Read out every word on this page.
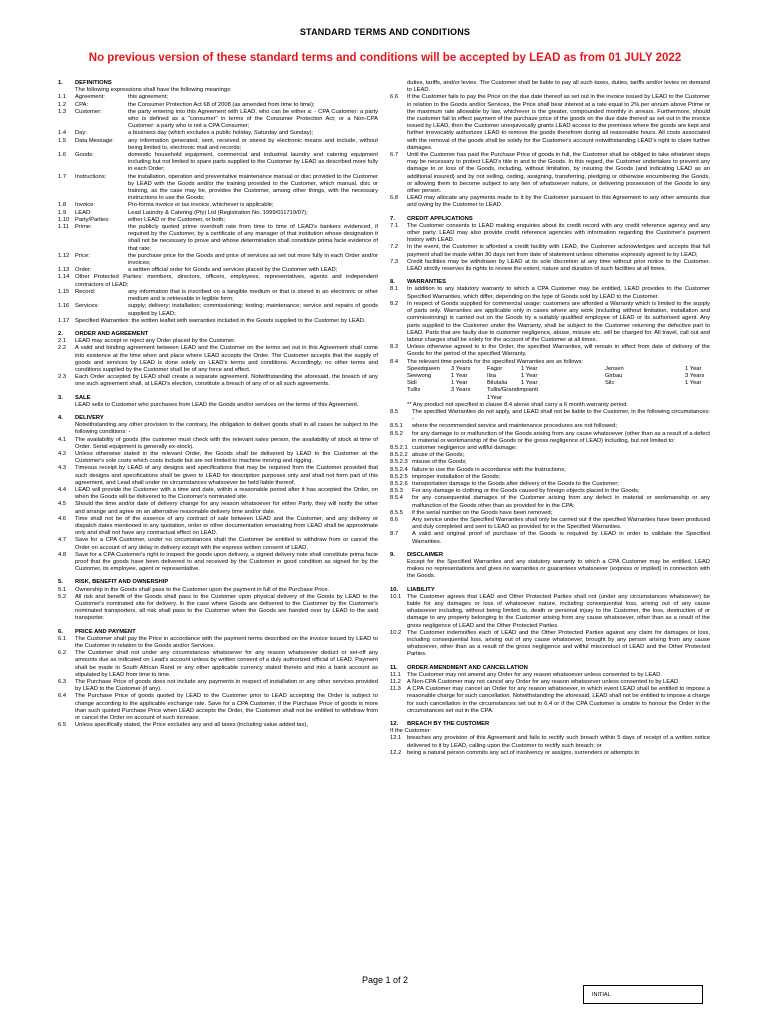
STANDARD TERMS AND CONDITIONS
No previous version of these standard terms and conditions will be accepted by LEAD as from 01 JULY 2022
1.	DEFINITIONS
The following expressions shall have the following meanings:
1.1	Agreement:	this agreement;
1.2	CPA:	the Consumer Protection Act 68 of 2008 (as amended from time to time);
1.3	Customer:	the party entering into this Agreement with LEAD, who can be either a: - CPA Customer: a party who is defined as a "consumer" in terms of the Consumer Protection Act; or a Non-CPA Customer: a party who is not a CPA Consumer;
1.4	Day:	a business day (which excludes a public holiday, Saturday and Sunday);
1.5	Data Message:	any information generated, sent, received or stored by electronic means and include, without being limited to, electronic mail and records;
1.6	Goods:	domestic household equipment, commercial and industrial laundry and catering equipment including but not limited to spare parts supplied to the Customer by LEAD as described more fully in each Order;
1.7	Instructions:	the installation, operation and preventative maintenance manual or disc provided to the Customer by LEAD with the Goods and/or the training provided to the Customer, which manual, disc or training, as the case may be, provides the Customer, among other things, with the necessary instructions to use the Goods;
1.8	Invoice:	Pro-forma invoice or tax invoice, whichever is applicable;
1.9	LEAD:	Lead Laundry & Catering (Pty) Ltd (Registration No. 1999/011719/07);
1.10 Party/Parties:	either LEAD or the Customer, or both;
1.11	Prime:	the publicly quoted prime overdraft rate from time to time of LEAD's bankers evidenced, if required by the Customer, by a certificate of any manager of that institution whose designation it shall not be necessary to prove and whose determination shall constitute prima facie evidence of that rate;
1.12 Price:	the purchase price for the Goods and price of services as set out more fully in each Order and/or invoices;
1.13 Order:	a written official order for Goods and services placed by the Customer with LEAD;
1.14 Other Protected Parties: members, directors, officers, employees, representatives, agents and independent contractors of LEAD;
1.15 Record:	any information that is inscribed on a tangible medium or that is stored in an electronic or other medium and is retrievable in legible form;
1.16 Services:	supply; delivery; installation; commissioning; testing; maintenance; service and repairs of goods supplied by LEAD;
1.17 Specified Warranties: the written leaflet with warranties included in the Goods supplied to the Customer by LEAD.
2.	ORDER AND AGREEMENT
2.1	LEAD may accept or reject any Order placed by the Customer.
2.2	A valid and binding agreement between LEAD and the Customer on the terms set out in this Agreement shall come into existence at the time when and place where LEAD accepts the Order. The Customer accepts that the supply of goods and services by LEAD is done solely on LEAD's terms and conditions. Accordingly, no other terms and conditions supplied by the Customer shall be of any force and effect.
2.3	Each Order accepted by LEAD shall create a separate agreement. Notwithstanding the aforesaid, the breach of any one such agreement shall, at LEAD's election, constitute a breach of any of or all such agreements.
3.	SALE
LEAD sells to Customer who purchases from LEAD the Goods and/or services on the terms of this Agreement.
4.	DELIVERY
Notwithstanding any other provision to the contrary, the obligation to deliver goods shall in all cases be subject to the following conditions: -
4.1	The availability of goods (the customer must check with the relevant sales person, the availability of stock at time of Order. Serial equipment is generally ex-stock).
4.2	Unless otherwise stated in the relevant Order, the Goods shall be delivered by LEAD to the Customer at the Customer's sole costs which costs include but are not limited to machine moving and rigging.
4.3	Timeous receipt by LEAD of any designs and specifications that may be required from the Customer provided that such designs and specifications shall be given to LEAD for description purposes only and shall not form part of this agreement, and Lead shall under no circumstances whatsoever be held liable thereof.
4.4	LEAD will provide the Customer with a time and date, within a reasonable period after it has accepted the Order, on when the Goods will be delivered to the Customer's nominated site.
4.5	Should the time and/or date of delivery change for any reason whatsoever for either Party, they will notify the other and arrange and agree on an alternative reasonable delivery time and/or date.
4.6	Time shall not be of the essence of any contract of sale between LEAD and the Customer, and any delivery or dispatch dates mentioned in any quotation, order or other documentation emanating from LEAD shall be approximate only and shall not have any contractual effect on LEAD.
4.7	Save for a CPA Customer, under no circumstances shall the Customer be entitled to withdraw from or cancel the Order on account of any delay in delivery except with the express written consent of LEAD.
4.8	Save for a CPA Customer's right to inspect the goods upon delivery, a signed delivery note shall constitute prima facie proof that the goods have been delivered to and received by the Customer in good condition as signed for by the Customer, its employee, agent or representative.
5.	RISK, BENEFIT AND OWNERSHIP
5.1	Ownership in the Goods shall pass to the Customer upon the payment in full of the Purchase Price.
5.2	All risk and benefit of the Goods shall pass to the Customer upon physical delivery of the Goods by LEAD to the Customer's nominated site for delivery. In the case where Goods are delivered to the Customer by the Customer's nominated transporters, all risk shall pass to the Customer when the Goods are handed over by LEAD to the said transporter.
6.	PRICE AND PAYMENT
6.1	The Customer shall pay the Price in accordance with the payment terms described on the invoice issued by LEAD to the Customer in relation to the Goods and/or Services.
6.2	The Customer shall not under any circumstances whatsoever for any reason whatsoever deduct or set-off any amounts due as indicated on Lead's account unless by written consent of a duly authorized official of LEAD. Payment shall be made in South African Rand or any other applicable currency stated thereto and into a bank account as stipulated by LEAD from time to time.
6.3	The Purchase Price of goods does not include any payments in respect of installation or any other services provided by LEAD to the Customer (if any).
6.4	The Purchase Price of goods quoted by LEAD to the Customer prior to LEAD accepting the Order is subject to change according to the applicable exchange rate. Save for a CPA Customer, if the Purchase Price of goods is more than such quoted Purchase Price when LEAD accepts the Order, the Customer shall not be entitled to withdraw from or cancel the Order on account of such increase.
6.5	Unless specifically stated, the Price excludes any and all taxes (including value added tax),
duties, tariffs, and/or levies. The Customer shall be liable to pay all such taxes, duties, tariffs and/or levies on demand to LEAD.
6.6	If the Customer fails to pay the Price on the due date thereof as set out in the invoice issued by LEAD to the Customer in relation to the Goods and/or Services, the Price shall bear interest at a rate equal to 2% per annum above Prime or the maximum rate allowable by law, whichever is the greater, compounded monthly in arrears. Furthermore, should the customer fail to effect payment of the purchase price of the goods on the due date thereof as set out in the invoice issued by LEAD, then the Customer unequivocally grants LEAD access to the premises where the goods are kept and further irrevocably authorizes LEAD to remove the goods therefrom during all reasonable hours. All costs associated with the removal of the goods shall be solely for the Customer's account notwithstanding LEAD's right to claim further damages.
6.7	Until the Customer has paid the Purchase Price of goods in full, the Customer shall be obliged to take whatever steps may be necessary to protect LEAD's title in and to the Goods. In this regard, the Customer undertakes to prevent any damage to or loss of the Goods, including, without limitation, by insuring the Goods (and indicating LEAD as an additional insured) and by not selling, ceding, assigning, transferring, pledging or otherwise encumbering the Goods, or allowing them to become subject to any lien of whatsoever nature, or delivering possession of the Goods to any other person.
6.8	LEAD may allocate any payments made to it by the Customer pursuant to this Agreement to any other amounts due and owing by the Customer to LEAD.
7.	CREDIT APPLICATIONS
7.1	The Customer consents to LEAD making enquiries about its credit record with any credit reference agency and any other party. LEAD may also provide credit reference agencies with information regarding the Customer's payment history with LEAD.
7.2	In the event, the Customer is afforded a credit facility with LEAD, the Customer acknowledges and accepts that full payment shall be made within 30 days net from date of statement unless otherwise expressly agreed to by LEAD;
7.3	Credit facilities may be withdrawn by LEAD at its sole discretion at any time without prior notice to the Customer. LEAD strictly reserves its rights to review the extent, nature and duration of such facilities at all times.
8.	WARRANTIES
8.1	In addition to any statutory warranty to which a CPA Customer may be entitled, LEAD provides to the Customer Specified Warranties, which differ, depending on the type of Goods sold by LEAD to the Customer.
8.2	In respect of Goods supplied for commercial usage: customers are afforded a Warranty which is limited to the supply of parts only. Warranties are applicable only in cases where any work (including without limitation, installation and commissioning) is carried out on the Goods by a suitably qualified employee of LEAD or its authorised agent. Any parts supplied to the Customer under the Warranty, shall be subject to the Customer returning the defective part to LEAD. Parts that are faulty due to customer negligence, abuse, misuse etc. will be charged for. All travel, call out and labour charges shall be solely for the account of the Customer at all times.
8.3	Unless otherwise agreed to in the Order, the specified Warranties, will remain in effect from date of delivery of the Goods for the period of the specified Warranty.
8.4	The relevant time periods for the specified Warranties are as follows:
Speedqueen	3 Years	Fagor	1 Year	Jensen	1 Year
Seewong	1 Year	Ilsa	1 Year	Girbau	3 Years
Sidi	1 Year	Bilutalia	1 Year	Silc	1 Year
Tullis	3 Years	Tullis/Grandimpianti 1Year
** Any product not specified in clause 8.4 above shall carry a 6 month warranty period.
8.5	The specified Warranties do not apply, and LEAD shall not be liable to the Customer, in the following circumstances: -
8.5.1	where the recommended service and maintenance procedures are not followed;
8.5.2	for any damage to or malfunction of the Goods arising from any cause whatsoever (other than as a result of a defect in material or workmanship of the Goods or the gross negligence of LEAD) including, but not limited to:
8.5.2.1 customer negligence and willful damage;
8.5.2.2 abuse of the Goods;
8.5.2.3 misuse of the Goods;
8.5.2.4 failure to use the Goods in accordance with the Instructions;
8.5.2.5 improper installation of the Goods;
8.5.2.6 transportation damage to the Goods after delivery of the Goods to the Customer;
8.5.3	For any damage to clothing or the Goods caused by foreign objects placed in the Goods;
8.5.4	for any consequential damages of the Customer arising from any defect in material or workmanship or any malfunction of the Goods other than as provided for in the CPA;
8.5.5	if the serial number on the Goods have been removed;
8.6	Any service under the Specified Warranties shall only be carried out if the specified Warranties have been produced and duly completed and sent to LEAD as provided for in the Specified Warranties.
8.7	A valid and original proof of purchase of the Goods is required by LEAD in order to validate the Specified Warranties.
9.	DISCLAIMER
Except for the Specified Warranties and any statutory warranty to which a CPA Customer may be entitled, LEAD makes no representations and gives no warranties or guarantees whatsoever (express or implied) in connection with the Goods.
10.	LIABILITY
10.1 The Customer agrees that LEAD and Other Protected Parties shall not (under any circumstances whatsoever) be liable for any damages or loss of whatsoever nature, including consequential loss, arising out of any cause whatsoever including, without being limited to, death or personal injury to the Customer, the loss, destruction of or damage to any property belonging to the Customer arising from any cause whatsoever, other than as a result of the gross negligence of LEAD and the Other Protected Parties.
10.2 The Customer indemnifies each of LEAD and the Other Protected Parties against any claim for damages or loss, including consequential loss, arising out of any cause whatsoever, brought by any person arising from any cause whatsoever, other than as a result of the gross negligence and willful misconduct of LEAD and the Other Protected Parties.
11.	ORDER AMENDMENT AND CANCELLATION
11.1	The Customer may not amend any Order for any reason whatsoever unless consented to by LEAD.
11.2	A Non-CPA Customer may not cancel any Order for any reason whatsoever unless consented to by LEAD.
11.3	A CPA Customer may cancel an Order for any reason whatsoever, in which event LEAD shall be entitled to impose a reasonable charge for such cancellation. Notwithstanding the aforesaid, LEAD shall not be entitled to impose a charge for such cancellation in the circumstances set out in 6.4 or if the CPA Customer is unable to honour the Order in the circumstances set out in the CPA.
12.	BREACH BY THE CUSTOMER
If the Customer:
12.1 breaches any provision of this Agreement and fails to rectify such breach within 5 days of receipt of a written notice delivered to it by LEAD, calling upon the Customer to rectify such breach; or
12.2 being a natural person commits any act of insolvency or assigns, surrenders or attempts to
Page 1 of 2
INITIAL
